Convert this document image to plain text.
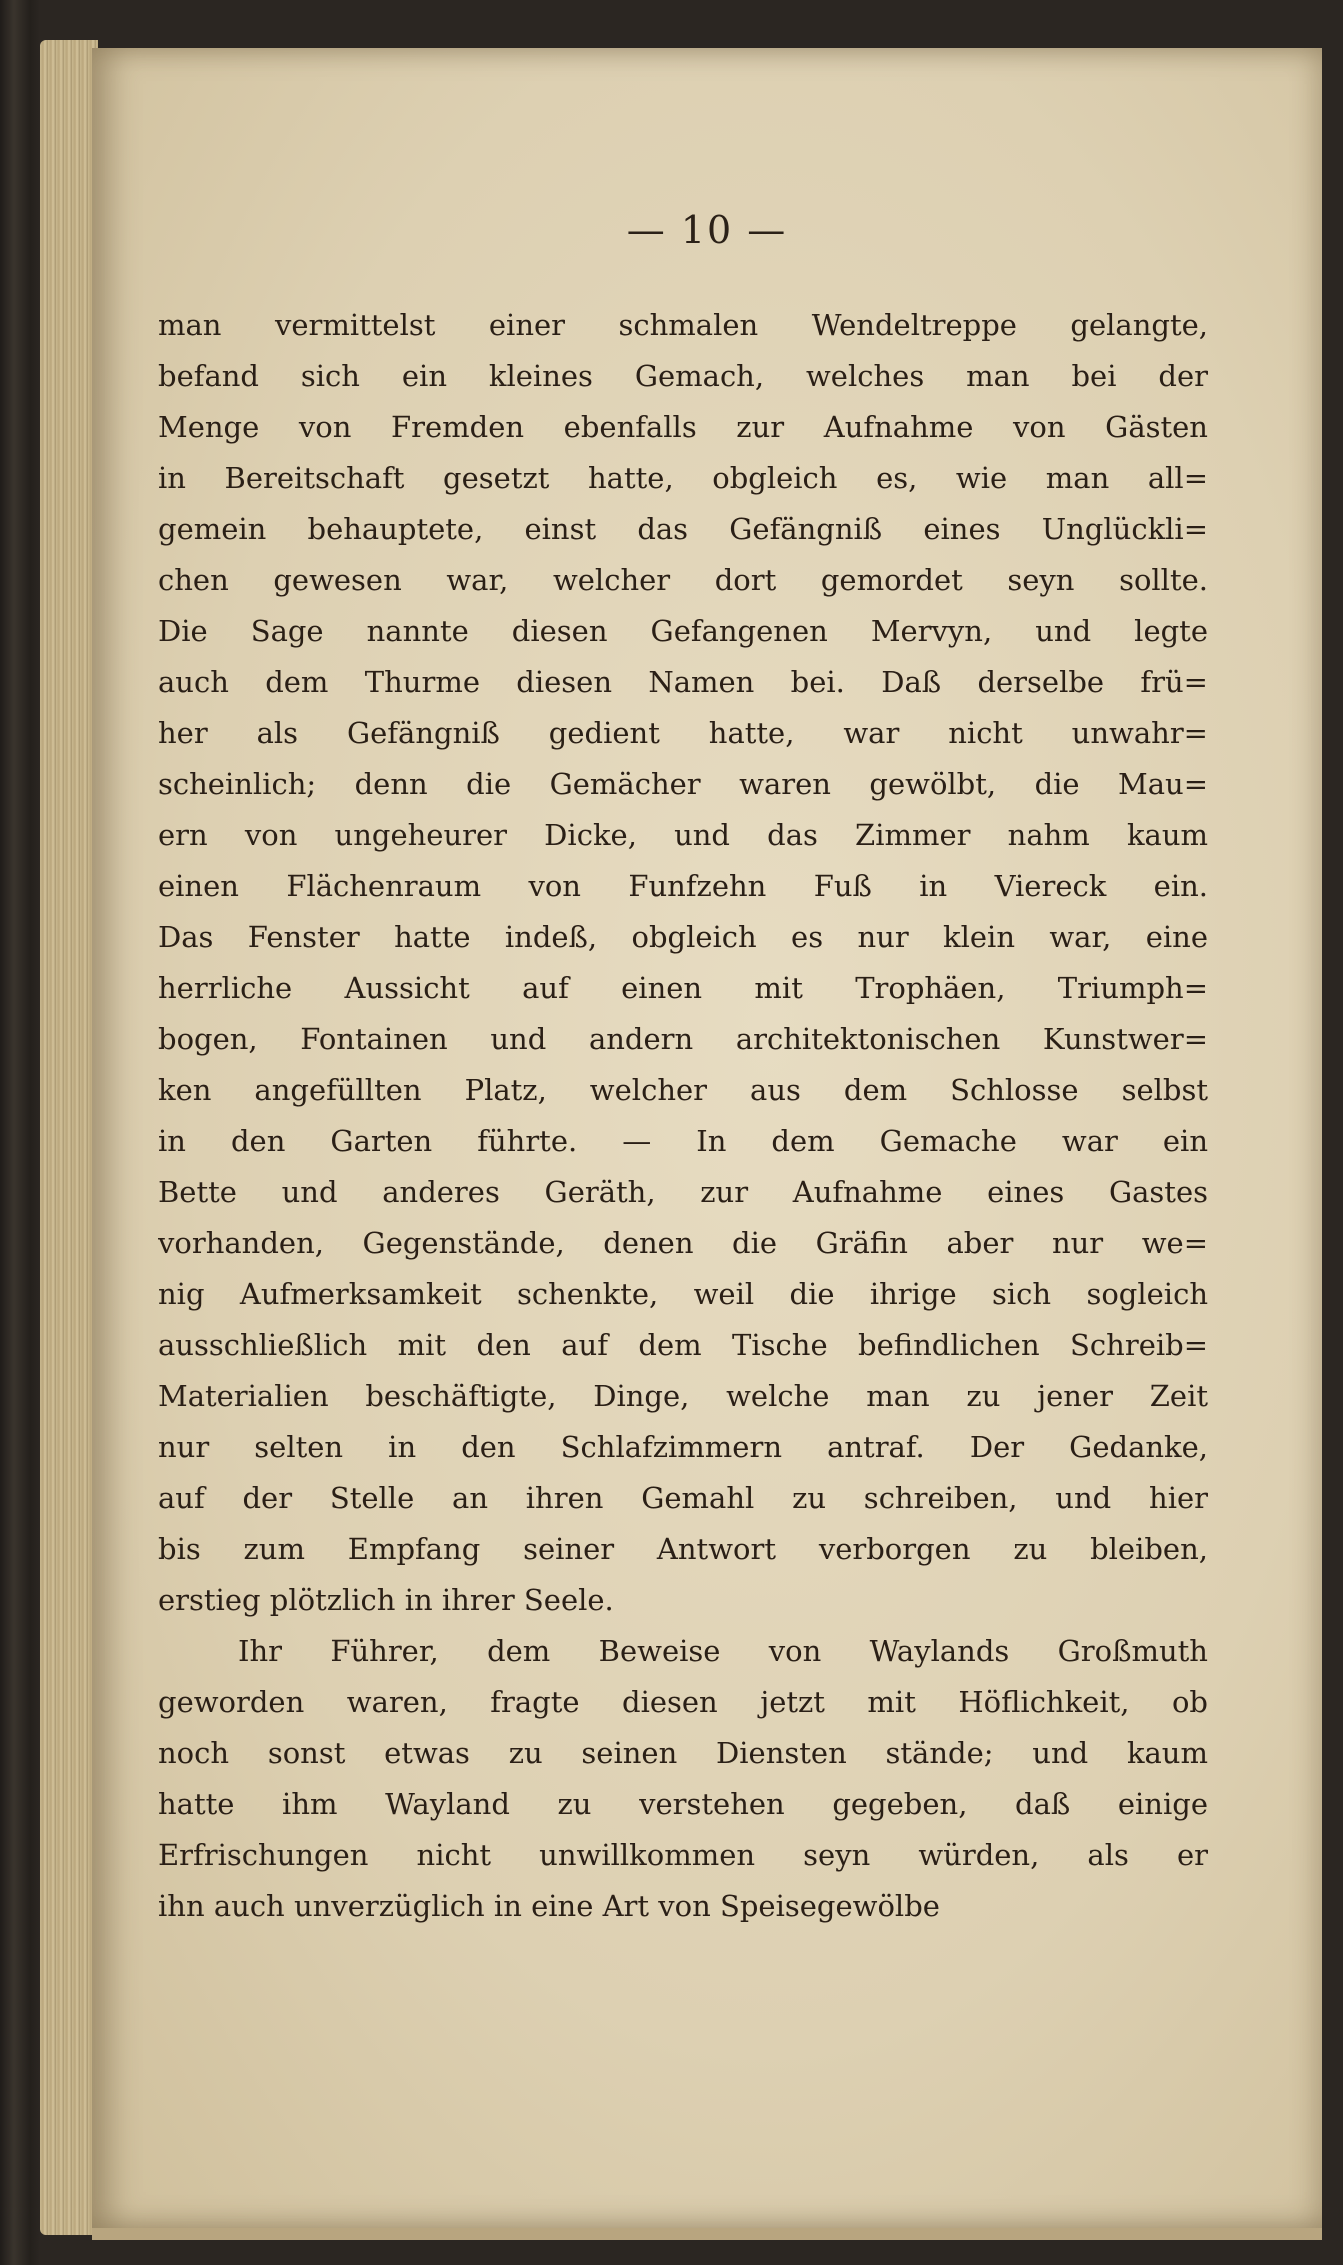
— 10 —
man vermittelst einer schmalen Wendeltreppe gelangte,
befand sich ein kleines Gemach, welches man bei der
Menge von Fremden ebenfalls zur Aufnahme von Gästen
in Bereitschaft gesetzt hatte, obgleich es, wie man all=
gemein behauptete, einst das Gefängniß eines Unglückli=
chen gewesen war, welcher dort gemordet seyn sollte.
Die Sage nannte diesen Gefangenen Mervyn, und legte
auch dem Thurme diesen Namen bei. Daß derselbe frü=
her als Gefängniß gedient hatte, war nicht unwahr=
scheinlich; denn die Gemächer waren gewölbt, die Mau=
ern von ungeheurer Dicke, und das Zimmer nahm kaum
einen Flächenraum von Funfzehn Fuß in Viereck ein.
Das Fenster hatte indeß, obgleich es nur klein war, eine
herrliche Aussicht auf einen mit Trophäen, Triumph=
bogen, Fontainen und andern architektonischen Kunstwer=
ken angefüllten Platz, welcher aus dem Schlosse selbst
in den Garten führte. — In dem Gemache war ein
Bette und anderes Geräth, zur Aufnahme eines Gastes
vorhanden, Gegenstände, denen die Gräfin aber nur we=
nig Aufmerksamkeit schenkte, weil die ihrige sich sogleich
ausschließlich mit den auf dem Tische befindlichen Schreib=
Materialien beschäftigte, Dinge, welche man zu jener Zeit
nur selten in den Schlafzimmern antraf. Der Gedanke,
auf der Stelle an ihren Gemahl zu schreiben, und hier
bis zum Empfang seiner Antwort verborgen zu bleiben,
erstieg plötzlich in ihrer Seele.
Ihr Führer, dem Beweise von Waylands Großmuth
geworden waren, fragte diesen jetzt mit Höflichkeit, ob
noch sonst etwas zu seinen Diensten stände; und kaum
hatte ihm Wayland zu verstehen gegeben, daß einige
Erfrischungen nicht unwillkommen seyn würden, als er
ihn auch unverzüglich in eine Art von Speisegewölbe
